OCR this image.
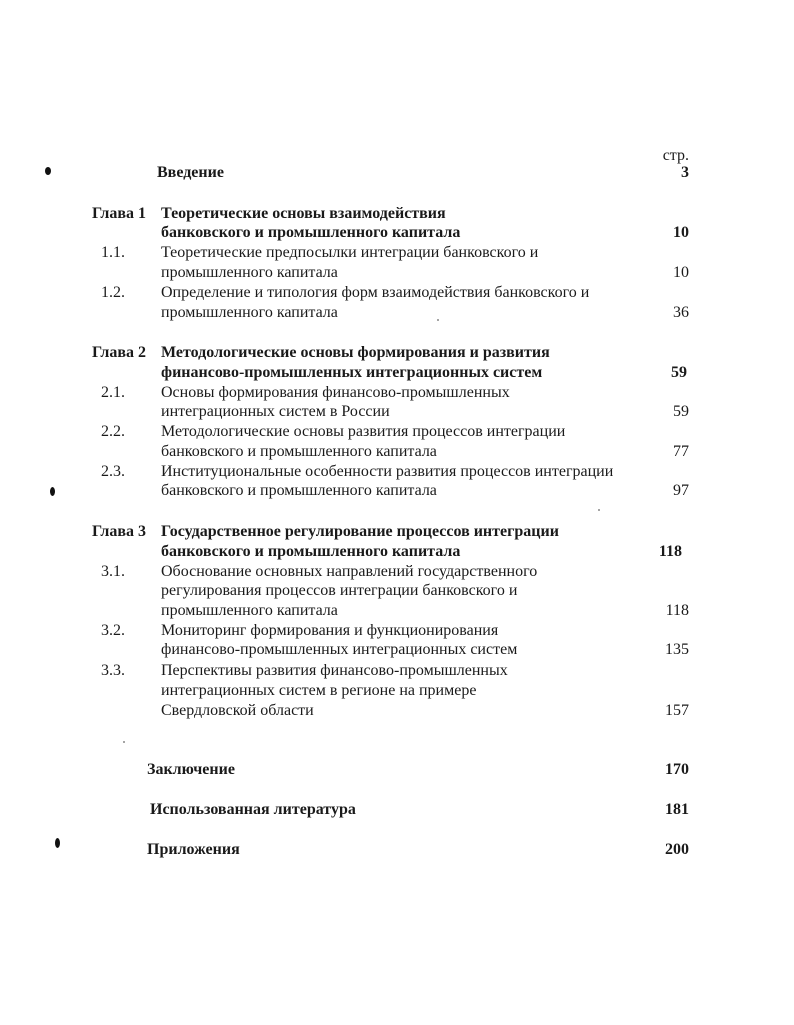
стр.
Введение	3
Глава 1 Теоретические основы взаимодействия
банковского и промышленного капитала	10
1.1. Теоретические предпосылки интеграции банковского и
промышленного капитала	10
1.2. Определение и типология форм взаимодействия банковского и
промышленного капитала	36
Глава 2 Методологические основы формирования и развития
финансово-промышленных интеграционных систем	59
2.1. Основы формирования финансово-промышленных
интеграционных систем в России	59
2.2. Методологические основы развития процессов интеграции
банковского и промышленного капитала	77
2.3. Институциональные особенности развития процессов интеграции
банковского и промышленного капитала	97
Глава 3 Государственное регулирование процессов интеграции
банковского и промышленного капитала	118
3.1. Обоснование основных направлений государственного
регулирования процессов интеграции банковского и
промышленного капитала	118
3.2. Мониторинг формирования и функционирования
финансово-промышленных интеграционных систем	135
3.3. Перспективы развития финансово-промышленных
интеграционных систем в регионе на примере
Свердловской области	157
Заключение	170
Использованная литература	181
Приложения	200
